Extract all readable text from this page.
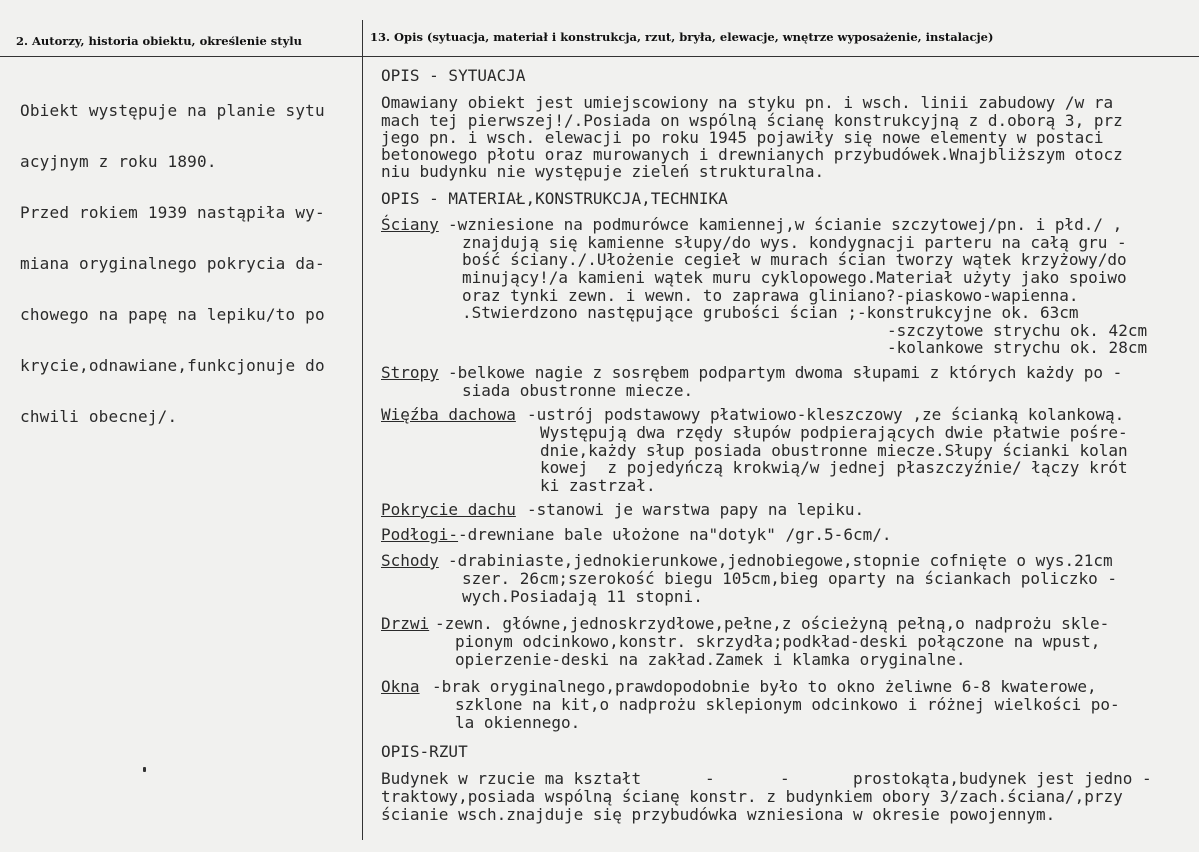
2. Autorzy, historia obiektu, określenie stylu	13. Opis (sytuacja, materiał i konstrukcja, rzut, bryła, elewacje, wnętrze wyposażenie, instalacje)

Obiekt występuje na planie sytu

acyjnym z roku 1890.

Przed rokiem 1939 nastąpiła wy-

miana oryginalnego pokrycia da-

chowego na papę na lepiku/to po

krycie,odnawiane,funkcjonuje do

chwili obecnej/.

OPIS - SYTUACJA
Omawiany obiekt jest umiejscowiony na styku pn. i wsch. linii zabudowy /w ra
mach tej pierwszej!/.Posiada on wspólną ścianę konstrukcyjną z d.oborą 3, prz
jego pn. i wsch. elewacji po roku 1945 pojawiły się nowe elementy w postaci
betonowego płotu oraz murowanych i drewnianych przybudówek.Wnajbliższym otocz
niu budynku nie występuje zieleń strukturalna.
OPIS - MATERIAŁ,KONSTRUKCJA,TECHNIKA
Ściany -wzniesione na podmurówce kamiennej,w ścianie szczytowej/pn. i płd./ ,
znajdują się kamienne słupy/do wys. kondygnacji parteru na całą gru -
bość ściany./.Ułożenie cegieł w murach ścian tworzy wątek krzyżowy/do
minujący!/a kamieni wątek muru cyklopowego.Materiał użyty jako spoiwo
oraz tynki zewn. i wewn. to zaprawa gliniano?-piaskowo-wapienna.
.Stwierdzono następujące grubości ścian ;-konstrukcyjne ok. 63cm
-szczytowe strychu ok. 42cm
-kolankowe strychu ok. 28cm
Stropy -belkowe nagie z sosrębem podpartym dwoma słupami z których każdy po -
siada obustronne miecze.
Więźba dachowa -ustrój podstawowy płatwiowo-kleszczowy ,ze ścianką kolankową.
Występują dwa rzędy słupów podpierających dwie płatwie pośre-
dnie,każdy słup posiada obustronne miecze.Słupy ścianki kolan
kowej  z pojedyńczą krokwią/w jednej płaszczyźnie/ łączy krót
ki zastrzał.
Pokrycie dachu -stanowi je warstwa papy na lepiku.
Podłogi- -drewniane bale ułożone na"dotyk" /gr.5-6cm/.
Schody -drabiniaste,jednokierunkowe,jednobiegowe,stopnie cofnięte o wys.21cm
szer. 26cm;szerokość biegu 105cm,bieg oparty na ściankach policzko -
wych.Posiadają 11 stopni.
Drzwi -zewn. główne,jednoskrzydłowe,pełne,z ościeżyną pełną,o nadprożu skle-
pionym odcinkowo,konstr. skrzydła;podkład-deski połączone na wpust,
opierzenie-deski na zakład.Zamek i klamka oryginalne.
Okna -brak oryginalnego,prawdopodobnie było to okno żeliwne 6-8 kwaterowe,
szklone na kit,o nadprożu sklepionym odcinkowo i różnej wielkości po-
la okiennego.
OPIS-RZUT
Budynek w rzucie ma kształt	-	-	prostokąta,budynek jest jedno -
traktowy,posiada wspólną ścianę konstr. z budynkiem obory 3/zach.ściana/,przy
ścianie wsch.znajduje się przybudówka wzniesiona w okresie powojennym.
